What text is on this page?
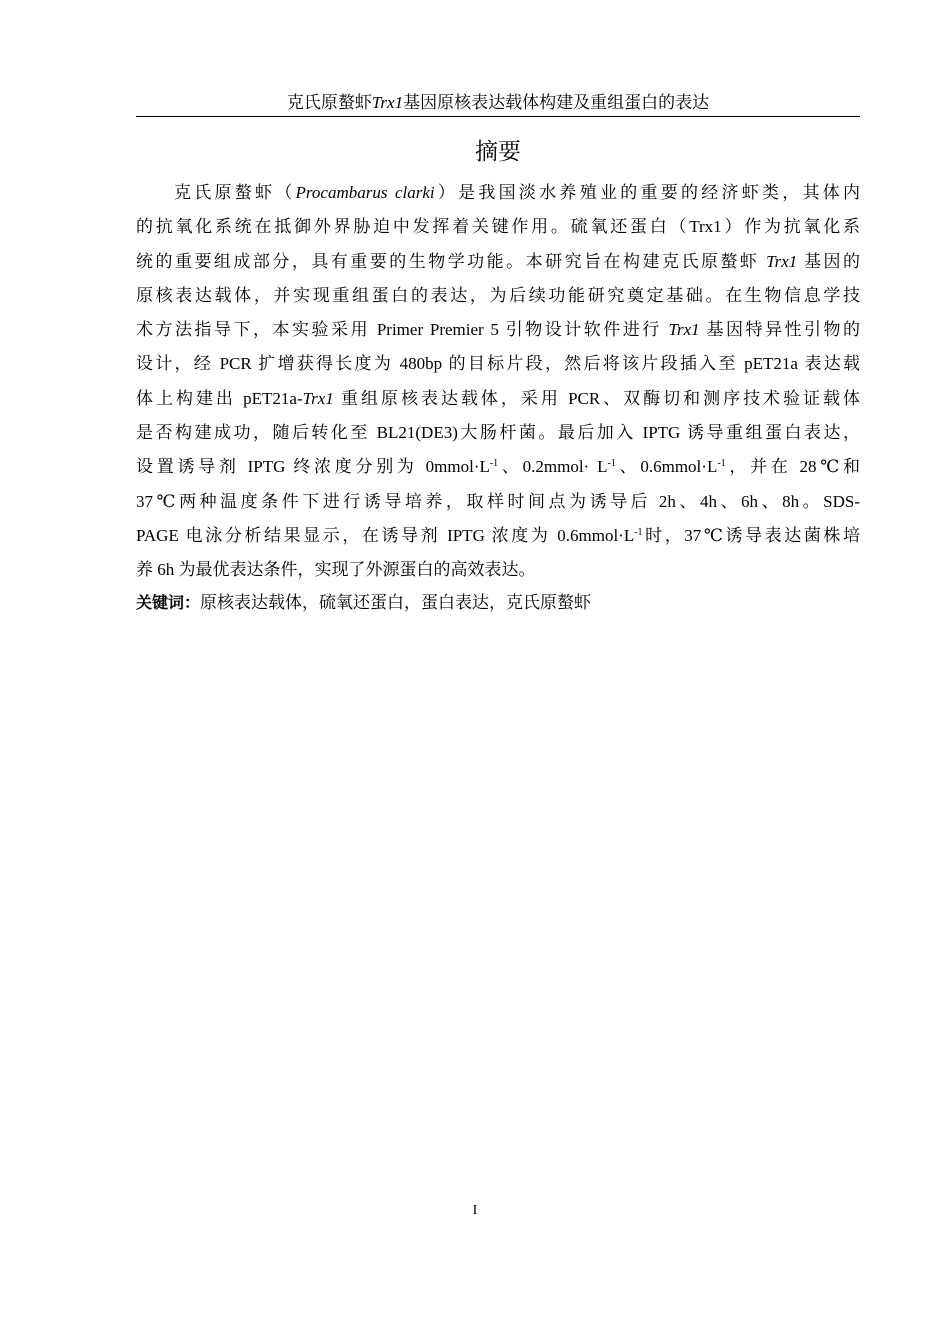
克氏原螯虾Trx1基因原核表达载体构建及重组蛋白的表达
摘要
克氏原螯虾（Procambarus clarki）是我国淡水养殖业的重要的经济虾类，其体内
的抗氧化系统在抵御外界胁迫中发挥着关键作用。硫氧还蛋白（Trx1）作为抗氧化系
统的重要组成部分，具有重要的生物学功能。本研究旨在构建克氏原螯虾 Trx1 基因的
原核表达载体，并实现重组蛋白的表达，为后续功能研究奠定基础。在生物信息学技
术方法指导下，本实验采用 Primer Premier 5 引物设计软件进行 Trx1 基因特异性引物的
设计，经 PCR 扩增获得长度为 480bp 的目标片段，然后将该片段插入至 pET21a 表达载
体上构建出 pET21a-Trx1 重组原核表达载体，采用 PCR、双酶切和测序技术验证载体
是否构建成功，随后转化至 BL21(DE3)大肠杆菌。最后加入 IPTG 诱导重组蛋白表达，
设置诱导剂 IPTG 终浓度分别为 $0mmol\cdot L^{-1}$、0.2mmol· $L^{-1}$、$0.6mmol\cdot L^{-1}$，并在 28℃和
37℃两种温度条件下进行诱导培养，取样时间点为诱导后 2h、4h、6h、8h。SDS-
PAGE 电泳分析结果显示，在诱导剂 IPTG 浓度为 $0.6mmol\cdot L^{-1}$时，37℃诱导表达菌株培
养 6h 为最优表达条件，实现了外源蛋白的高效表达。
关键词：原核表达载体，硫氧还蛋白，蛋白表达，克氏原螯虾
I
